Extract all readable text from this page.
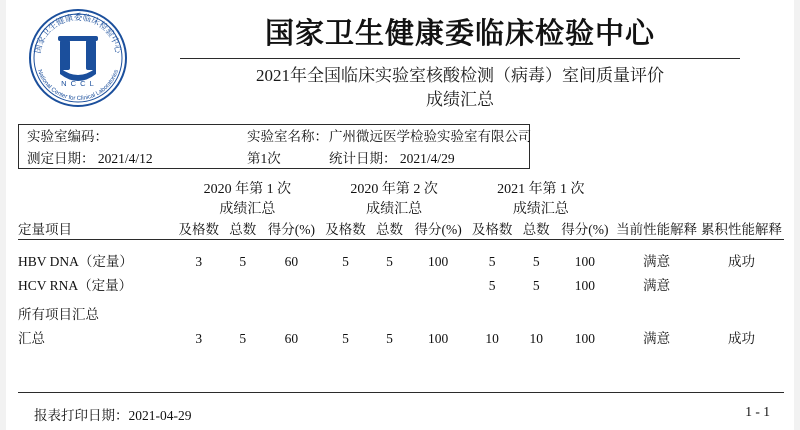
国家卫生健康委临床检验中心
National Center for Clinical Laboratories
N C C L
国家卫生健康委临床检验中心
2021年全国临床实验室核酸检测（病毒）室间质量评价
成绩汇总
实验室编码：	实验室名称： 广州微远医学检验实验室有限公司
测定日期： 2021/4/12	第1次	统计日期： 2021/4/29
	2020 年第 1 次			2020 年第 2 次			2021 年第 1 次				
	成绩汇总			成绩汇总			成绩汇总				
定量项目	及格数	总数	得分(%)	及格数	总数	得分(%)	及格数	总数	得分(%)	当前性能解释	累积性能解释

HBV DNA（定量）	3	5	60	5	5	100	5	5	100	满意	成功
HCV RNA（定量）							5	5	100	满意	

所有项目汇总											
汇总	3	5	60	5	5	100	10	10	100	满意	成功
报表打印日期：2021-04-29	1 - 1
